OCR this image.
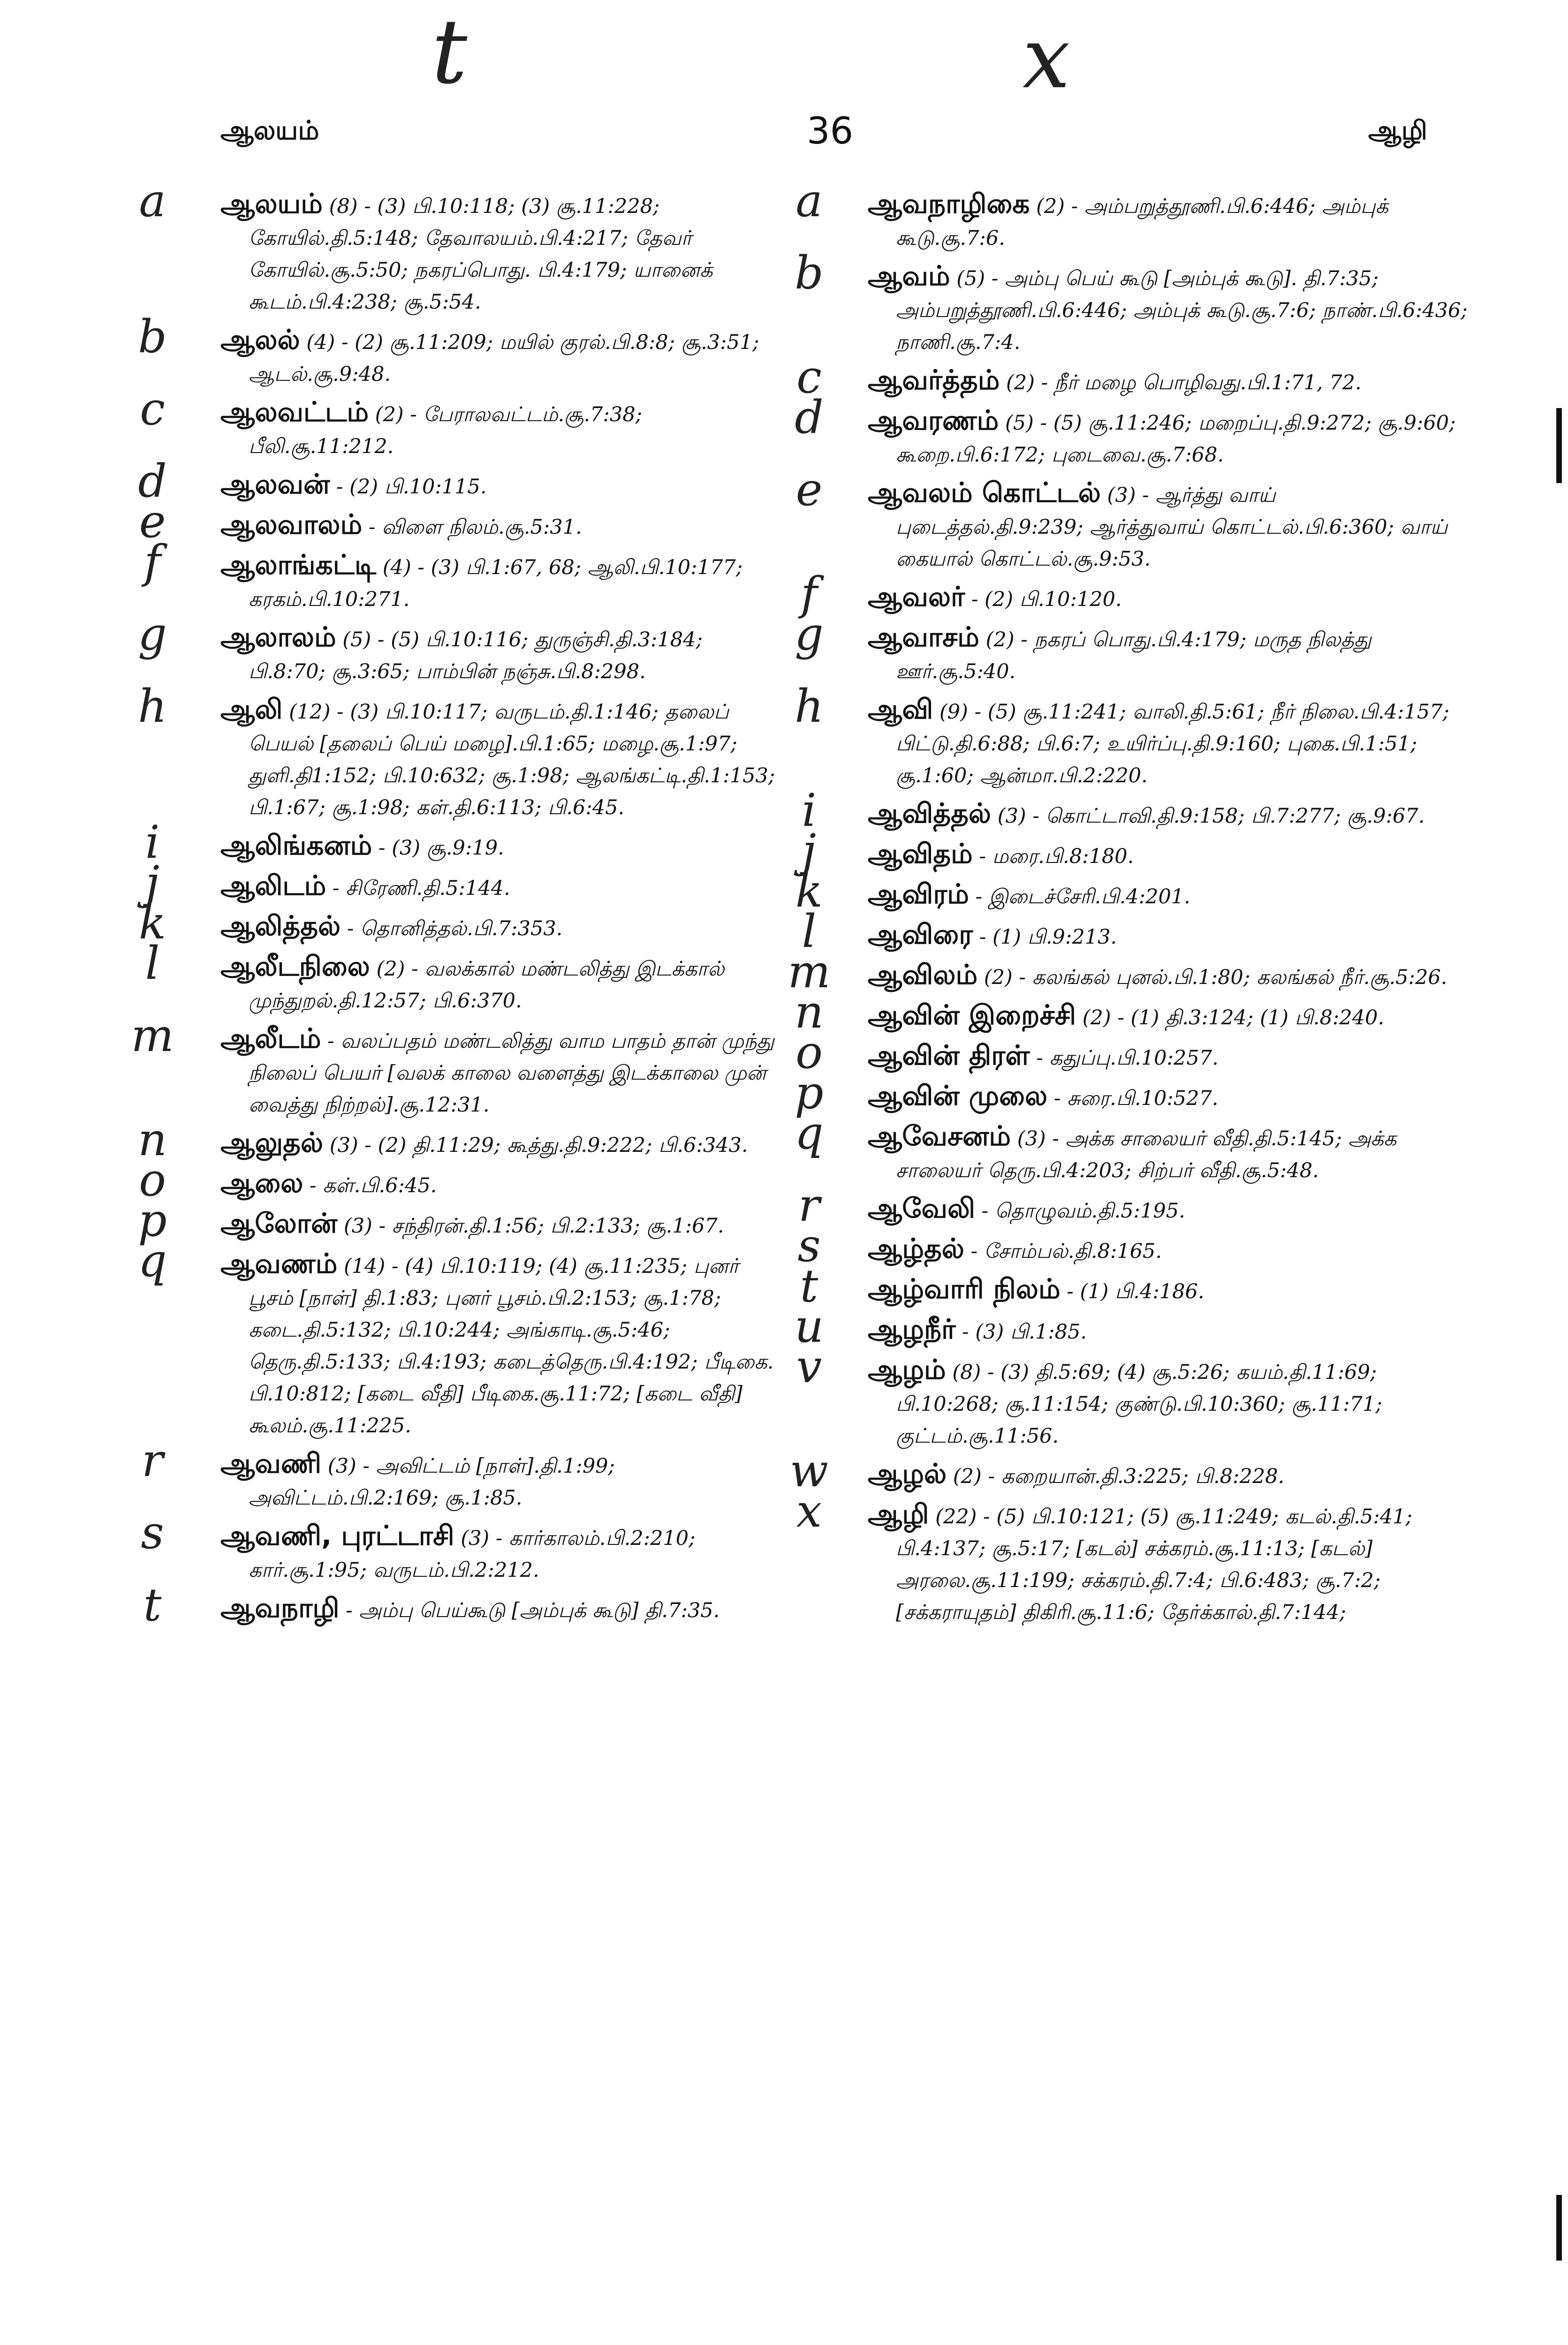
t	x
ஆலயம்	36	ஆழி
a	ஆலயம் (8) - (3) பி.10:118; (3) சூ.11:228; கோயில்.தி.5:148; தேவாலயம்.பி.4:217; தேவர் கோயில்.சூ.5:50; நகரப்பொது. பி.4:179; யானைக் கூடம்.பி.4:238; சூ.5:54.
b	ஆலல் (4) - (2) சூ.11:209; மயில் குரல்.பி.8:8; சூ.3:51; ஆடல்.சூ.9:48.
c	ஆலவட்டம் (2) - பேராலவட்டம்.சூ.7:38; பீலி.சூ.11:212.
d	ஆலவன் - (2) பி.10:115.
e	ஆலவாலம் - விளை நிலம்.சூ.5:31.
f	ஆலாங்கட்டி (4) - (3) பி.1:67, 68; ஆலி.பி.10:177; கரகம்.பி.10:271.
g	ஆலாலம் (5) - (5) பி.10:116; துருஞ்சி.தி.3:184; பி.8:70; சூ.3:65; பாம்பின் நஞ்சு.பி.8:298.
h	ஆலி (12) - (3) பி.10:117; வருடம்.தி.1:146; தலைப் பெயல் [தலைப் பெய் மழை].பி.1:65; மழை.சூ.1:97; துளி.தி1:152; பி.10:632; சூ.1:98; ஆலங்கட்டி.தி.1:153; பி.1:67; சூ.1:98; கள்.தி.6:113; பி.6:45.
i	ஆலிங்கனம் - (3) சூ.9:19.
j	ஆலிடம் - சிரேணி.தி.5:144.
k	ஆலித்தல் - தொனித்தல்.பி.7:353.
l	ஆலீடநிலை (2) - வலக்கால் மண்டலித்து இடக்கால் முந்துறல்.தி.12:57; பி.6:370.
m	ஆலீடம் - வலப்பதம் மண்டலித்து வாம பாதம் தான் முந்து நிலைப் பெயர் [வலக் காலை வளைத்து இடக்காலை முன் வைத்து நிற்றல்].சூ.12:31.
n	ஆலுதல் (3) - (2) தி.11:29; கூத்து.தி.9:222; பி.6:343.
o	ஆலை - கள்.பி.6:45.
p	ஆலோன் (3) - சந்திரன்.தி.1:56; பி.2:133; சூ.1:67.
q	ஆவணம் (14) - (4) பி.10:119; (4) சூ.11:235; புனர் பூசம் [நாள்] தி.1:83; புனர் பூசம்.பி.2:153; சூ.1:78; கடை.தி.5:132; பி.10:244; அங்காடி.சூ.5:46; தெரு.தி.5:133; பி.4:193; கடைத்தெரு.பி.4:192; பீடிகை. பி.10:812; [கடை வீதி] பீடிகை.சூ.11:72; [கடை வீதி] கூலம்.சூ.11:225.
r	ஆவணி (3) - அவிட்டம் [நாள்].தி.1:99; அவிட்டம்.பி.2:169; சூ.1:85.
s	ஆவணி, புரட்டாசி (3) - கார்காலம்.பி.2:210; கார்.சூ.1:95; வருடம்.பி.2:212.
t	ஆவநாழி - அம்பு பெய்கூடு [அம்புக் கூடு] தி.7:35.
a	ஆவநாழிகை (2) - அம்பறுத்தூணி.பி.6:446; அம்புக் கூடு.சூ.7:6.
b	ஆவம் (5) - அம்பு பெய் கூடு [அம்புக் கூடு]. தி.7:35; அம்பறுத்தூணி.பி.6:446; அம்புக் கூடு.சூ.7:6; நாண்.பி.6:436; நாணி.சூ.7:4.
c	ஆவர்த்தம் (2) - நீர் மழை பொழிவது.பி.1:71, 72.
d	ஆவரணம் (5) - (5) சூ.11:246; மறைப்பு.தி.9:272; சூ.9:60; கூறை.பி.6:172; புடைவை.சூ.7:68.
e	ஆவலம் கொட்டல் (3) - ஆர்த்து வாய் புடைத்தல்.தி.9:239; ஆர்த்துவாய் கொட்டல்.பி.6:360; வாய் கையால் கொட்டல்.சூ.9:53.
f	ஆவலர் - (2) பி.10:120.
g	ஆவாசம் (2) - நகரப் பொது.பி.4:179; மருத நிலத்து ஊர்.சூ.5:40.
h	ஆவி (9) - (5) சூ.11:241; வாலி.தி.5:61; நீர் நிலை.பி.4:157; பிட்டு.தி.6:88; பி.6:7; உயிர்ப்பு.தி.9:160; புகை.பி.1:51; சூ.1:60; ஆன்மா.பி.2:220.
i	ஆவித்தல் (3) - கொட்டாவி.தி.9:158; பி.7:277; சூ.9:67.
j	ஆவிதம் - மரை.பி.8:180.
k	ஆவிரம் - இடைச்சேரி.பி.4:201.
l	ஆவிரை - (1) பி.9:213.
m	ஆவிலம் (2) - கலங்கல் புனல்.பி.1:80; கலங்கல் நீர்.சூ.5:26.
n	ஆவின் இறைச்சி (2) - (1) தி.3:124; (1) பி.8:240.
o	ஆவின் திரள் - கதுப்பு.பி.10:257.
p	ஆவின் முலை - சுரை.பி.10:527.
q	ஆவேசனம் (3) - அக்க சாலையர் வீதி.தி.5:145; அக்க சாலையர் தெரு.பி.4:203; சிற்பர் வீதி.சூ.5:48.
r	ஆவேலி - தொழுவம்.தி.5:195.
s	ஆழ்தல் - சோம்பல்.தி.8:165.
t	ஆழ்வாரி நிலம் - (1) பி.4:186.
u	ஆழநீர் - (3) பி.1:85.
v	ஆழம் (8) - (3) தி.5:69; (4) சூ.5:26; கயம்.தி.11:69; பி.10:268; சூ.11:154; குண்டு.பி.10:360; சூ.11:71; குட்டம்.சூ.11:56.
w	ஆழல் (2) - கறையான்.தி.3:225; பி.8:228.
x	ஆழி (22) - (5) பி.10:121; (5) சூ.11:249; கடல்.தி.5:41; பி.4:137; சூ.5:17; [கடல்] சக்கரம்.சூ.11:13; [கடல்] அரலை.சூ.11:199; சக்கரம்.தி.7:4; பி.6:483; சூ.7:2; [சக்கராயுதம்] திகிரி.சூ.11:6; தேர்க்கால்.தி.7:144;
